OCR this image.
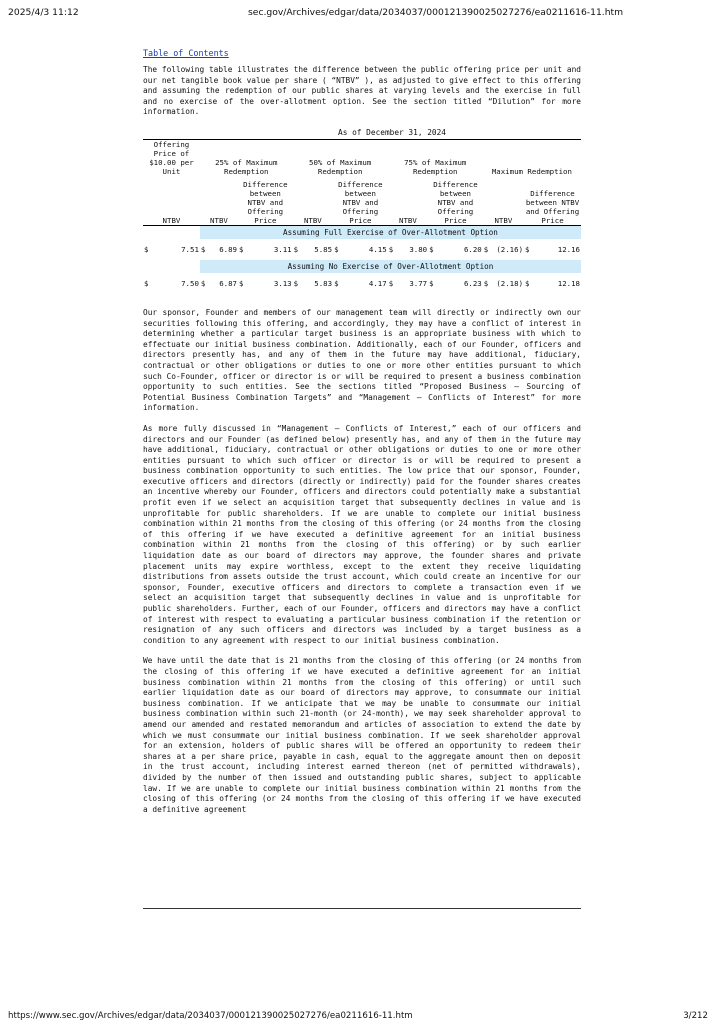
2025/4/3 11:12	sec.gov/Archives/edgar/data/2034037/000121390025027276/ea0211616-11.htm
Table of Contents

The following table illustrates the difference between the public offering price per unit and our net tangible book value per share ( “NTBV” ), as adjusted to give effect to this offering and assuming the redemption of our public shares at varying levels and the exercise in full and no exercise of the over-allotment option. See the section titled “Dilution” for more information.

As of December 31, 2024
Offering Price of $10.00 per Unit		25% of Maximum Redemption				50% of Maximum Redemption				75% of Maximum Redemption				Maximum Redemption			
NTBV		NTBV		Difference between NTBV and Offering Price		NTBV		Difference between NTBV and Offering Price		NTBV		Difference between NTBV and Offering Price		NTBV		Difference between NTBV and Offering Price	
		Assuming Full Exercise of Over-Allotment Option															
$	7.51	$	6.89	$	3.11	$	5.85	$	4.15	$	3.80	$	6.20	$	(2.16)	$	12.16
		Assuming No Exercise of Over-Allotment Option															
$	7.50	$	6.87	$	3.13	$	5.83	$	4.17	$	3.77	$	6.23	$	(2.18)	$	12.18

Our sponsor, Founder and members of our management team will directly or indirectly own our securities following this offering, and accordingly, they may have a conflict of interest in determining whether a particular target business is an appropriate business with which to effectuate our initial business combination. Additionally, each of our Founder, officers and directors presently has, and any of them in the future may have additional, fiduciary, contractual or other obligations or duties to one or more other entities pursuant to which such Co-Founder, officer or director is or will be required to present a business combination opportunity to such entities. See the sections titled “Proposed Business — Sourcing of Potential Business Combination Targets” and “Management — Conflicts of Interest” for more information.

As more fully discussed in “Management — Conflicts of Interest,” each of our officers and directors and our Founder (as defined below) presently has, and any of them in the future may have additional, fiduciary, contractual or other obligations or duties to one or more other entities pursuant to which such officer or director is or will be required to present a business combination opportunity to such entities. The low price that our sponsor, Founder, executive officers and directors (directly or indirectly) paid for the founder shares creates an incentive whereby our Founder, officers and directors could potentially make a substantial profit even if we select an acquisition target that subsequently declines in value and is unprofitable for public shareholders. If we are unable to complete our initial business combination within 21 months from the closing of this offering (or 24 months from the closing of this offering if we have executed a definitive agreement for an initial business combination within 21 months from the closing of this offering) or by such earlier liquidation date as our board of directors may approve, the founder shares and private placement units may expire worthless, except to the extent they receive liquidating distributions from assets outside the trust account, which could create an incentive for our sponsor, Founder, executive officers and directors to complete a transaction even if we select an acquisition target that subsequently declines in value and is unprofitable for public shareholders. Further, each of our Founder, officers and directors may have a conflict of interest with respect to evaluating a particular business combination if the retention or resignation of any such officers and directors was included by a target business as a condition to any agreement with respect to our initial business combination.

We have until the date that is 21 months from the closing of this offering (or 24 months from the closing of this offering if we have executed a definitive agreement for an initial business combination within 21 months from the closing of this offering) or until such earlier liquidation date as our board of directors may approve, to consummate our initial business combination. If we anticipate that we may be unable to consummate our initial business combination within such 21-month (or 24-month), we may seek shareholder approval to amend our amended and restated memorandum and articles of association to extend the date by which we must consummate our initial business combination. If we seek shareholder approval for an extension, holders of public shares will be offered an opportunity to redeem their shares at a per share price, payable in cash, equal to the aggregate amount then on deposit in the trust account, including interest earned thereon (net of permitted withdrawals), divided by the number of then issued and outstanding public shares, subject to applicable law. If we are unable to complete our initial business combination within 21 months from the closing of this offering (or 24 months from the closing of this offering if we have executed a definitive agreement

https://www.sec.gov/Archives/edgar/data/2034037/000121390025027276/ea0211616-11.htm	3/212
